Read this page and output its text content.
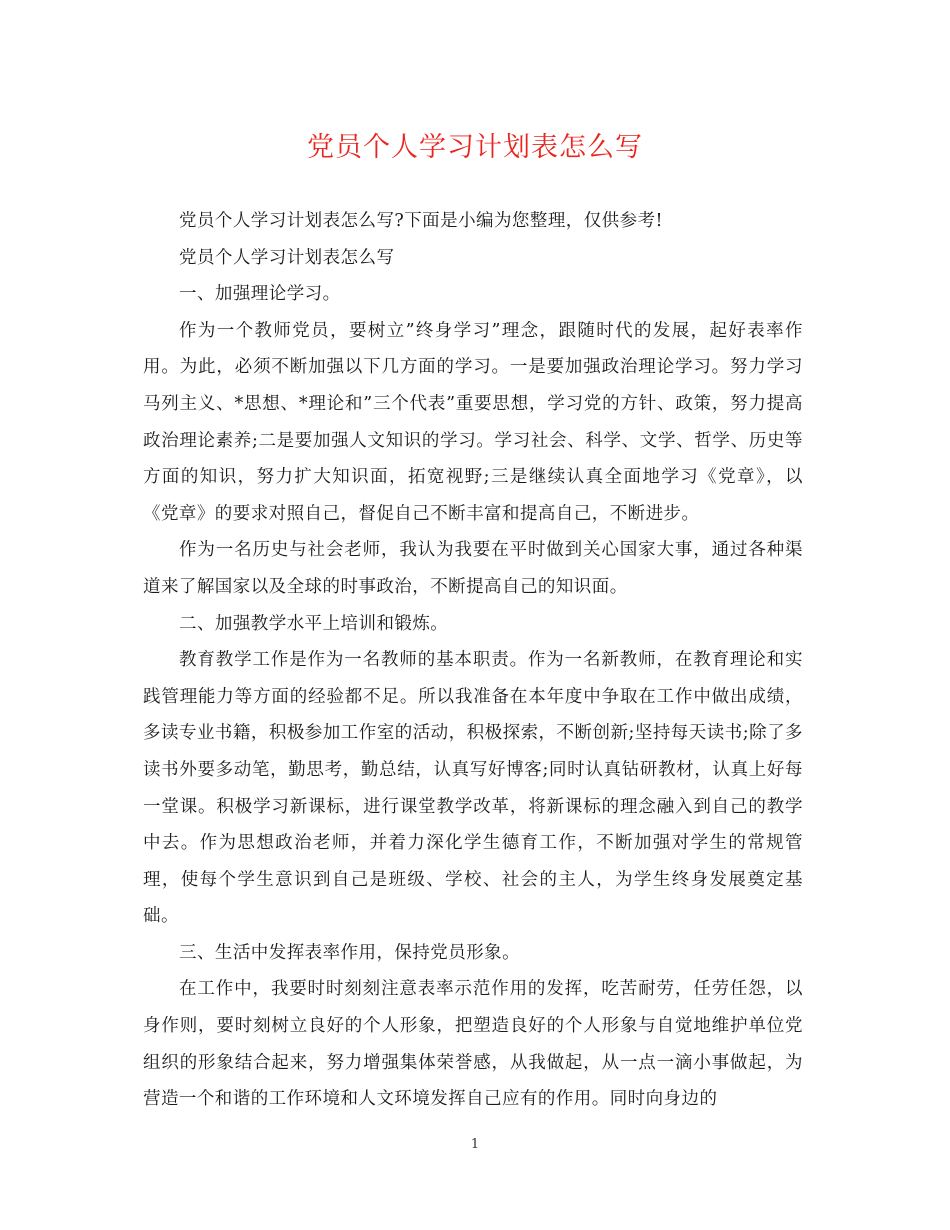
党员个人学习计划表怎么写

党员个人学习计划表怎么写?下面是小编为您整理，仅供参考!

党员个人学习计划表怎么写

一、加强理论学习。

作为一个教师党员，要树立”终身学习”理念，跟随时代的发展，起好表率作用。为此，必须不断加强以下几方面的学习。一是要加强政治理论学习。努力学习马列主义、*思想、*理论和”三个代表”重要思想，学习党的方针、政策，努力提高政治理论素养;二是要加强人文知识的学习。学习社会、科学、文学、哲学、历史等方面的知识，努力扩大知识面，拓宽视野;三是继续认真全面地学习《党章》，以《党章》的要求对照自己，督促自己不断丰富和提高自己，不断进步。

作为一名历史与社会老师，我认为我要在平时做到关心国家大事，通过各种渠道来了解国家以及全球的时事政治，不断提高自己的知识面。

二、加强教学水平上培训和锻炼。

教育教学工作是作为一名教师的基本职责。作为一名新教师，在教育理论和实践管理能力等方面的经验都不足。所以我准备在本年度中争取在工作中做出成绩，多读专业书籍，积极参加工作室的活动，积极探索，不断创新;坚持每天读书;除了多读书外要多动笔，勤思考，勤总结，认真写好博客;同时认真钻研教材，认真上好每一堂课。积极学习新课标，进行课堂教学改革，将新课标的理念融入到自己的教学中去。作为思想政治老师，并着力深化学生德育工作，不断加强对学生的常规管理，使每个学生意识到自己是班级、学校、社会的主人，为学生终身发展奠定基础。

三、生活中发挥表率作用，保持党员形象。

在工作中，我要时时刻刻注意表率示范作用的发挥，吃苦耐劳，任劳任怨，以身作则，要时刻树立良好的个人形象，把塑造良好的个人形象与自觉地维护单位党组织的形象结合起来，努力增强集体荣誉感，从我做起，从一点一滴小事做起，为营造一个和谐的工作环境和人文环境发挥自己应有的作用。同时向身边的

1
